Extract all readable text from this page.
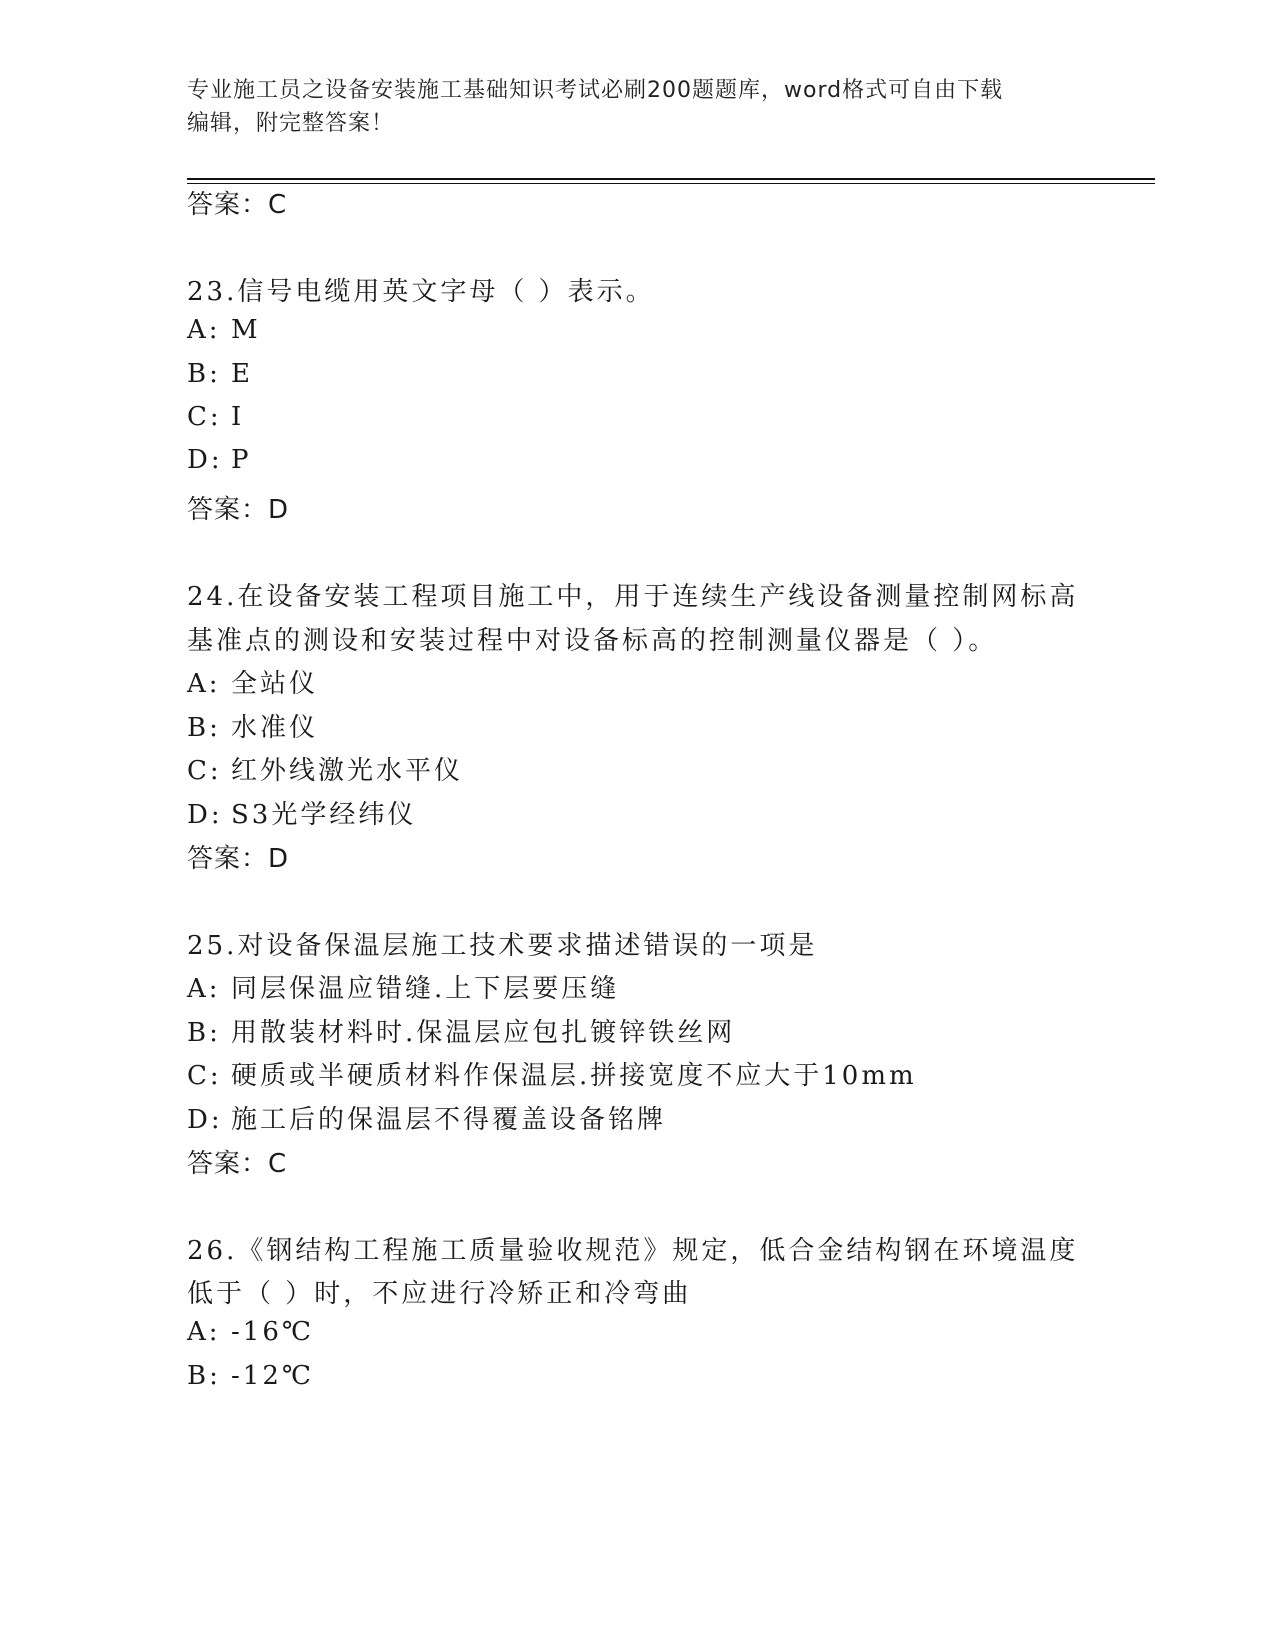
专业施工员之设备安装施工基础知识考试必刷200题题库，word格式可自由下载
编辑，附完整答案！
答案：C
23.信号电缆用英文字母（ ）表示。
A: M
B: E
C: I
D: P
答案：D
24.在设备安装工程项目施工中，用于连续生产线设备测量控制网标高
基准点的测设和安装过程中对设备标高的控制测量仪器是（ ）。
A: 全站仪
B: 水准仪
C: 红外线激光水平仪
D: S3光学经纬仪
答案：D
25.对设备保温层施工技术要求描述错误的一项是
A: 同层保温应错缝.上下层要压缝
B: 用散装材料时.保温层应包扎镀锌铁丝网
C: 硬质或半硬质材料作保温层.拼接宽度不应大于10mm
D: 施工后的保温层不得覆盖设备铭牌
答案：C
26.《钢结构工程施工质量验收规范》规定，低合金结构钢在环境温度
低于（ ）时，不应进行冷矫正和冷弯曲
A: -16℃
B: -12℃
